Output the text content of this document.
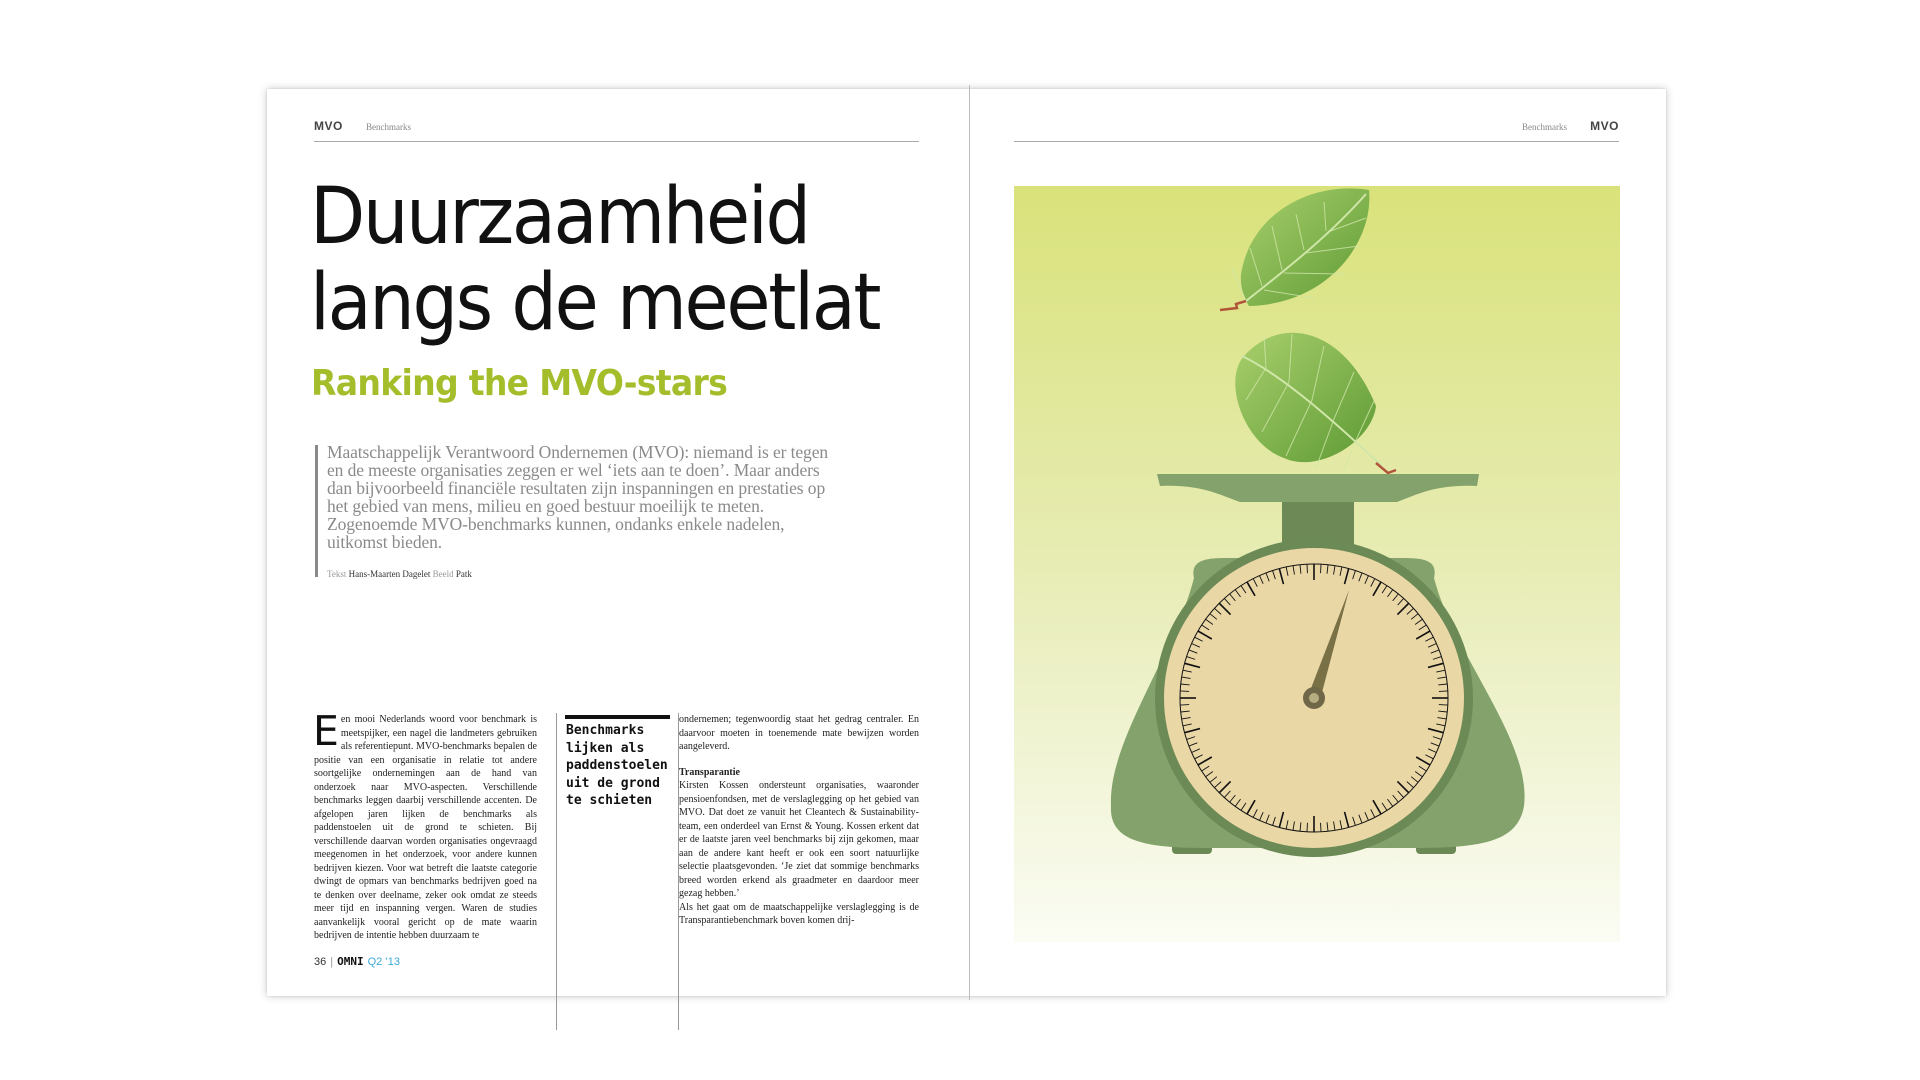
MVO	Benchmarks
Duurzaamheid
langs de meetlat
Ranking the MVO-stars
Maatschappelijk Verantwoord Ondernemen (MVO): niemand is er tegen en de meeste organisaties zeggen er wel ‘iets aan te doen’. Maar anders dan bijvoorbeeld financiële resultaten zijn inspanningen en prestaties op het gebied van mens, milieu en goed bestuur moeilijk te meten. Zogenoemde MVO-benchmarks kunnen, ondanks enkele nadelen, uitkomst bieden.
Tekst Hans-Maarten Dagelet Beeld Patk
Een mooi Nederlands woord voor benchmark is meetspijker, een nagel die landmeters gebruiken als referentiepunt. MVO-benchmarks bepalen de positie van een organisatie in relatie tot andere soortgelijke ondernemingen aan de hand van onderzoek naar MVO-aspecten. Verschillende benchmarks leggen daarbij verschillende accenten. De afgelopen jaren lijken de benchmarks als paddenstoelen uit de grond te schieten. Bij verschillende daarvan worden organisaties ongevraagd meegenomen in het onderzoek, voor andere kunnen bedrijven kiezen. Voor wat betreft die laatste categorie dwingt de opmars van benchmarks bedrijven goed na te denken over deelname, zeker ook omdat ze steeds meer tijd en inspanning vergen. Waren de studies aanvankelijk vooral gericht op de mate waarin bedrijven de intentie hebben duurzaam te
Benchmarks lijken als paddenstoelen uit de grond te schieten
ondernemen; tegenwoordig staat het gedrag centraler. En daarvoor moeten in toenemende mate bewijzen worden aangeleverd.
Transparantie
Kirsten Kossen ondersteunt organisaties, waaronder pensioenfondsen, met de verslaglegging op het gebied van MVO. Dat doet ze vanuit het Cleantech & Sustainability-team, een onderdeel van Ernst & Young. Kossen erkent dat er de laatste jaren veel benchmarks bij zijn gekomen, maar aan de andere kant heeft er ook een soort natuurlijke selectie plaatsgevonden. ‘Je ziet dat sommige benchmarks breed worden erkend als graadmeter en daardoor meer gezag hebben.’
Als het gaat om de maatschappelijke verslaglegging is de Transparantiebenchmark boven komen drij-
36 | OMNI Q2 ’13
Benchmarks MVO
